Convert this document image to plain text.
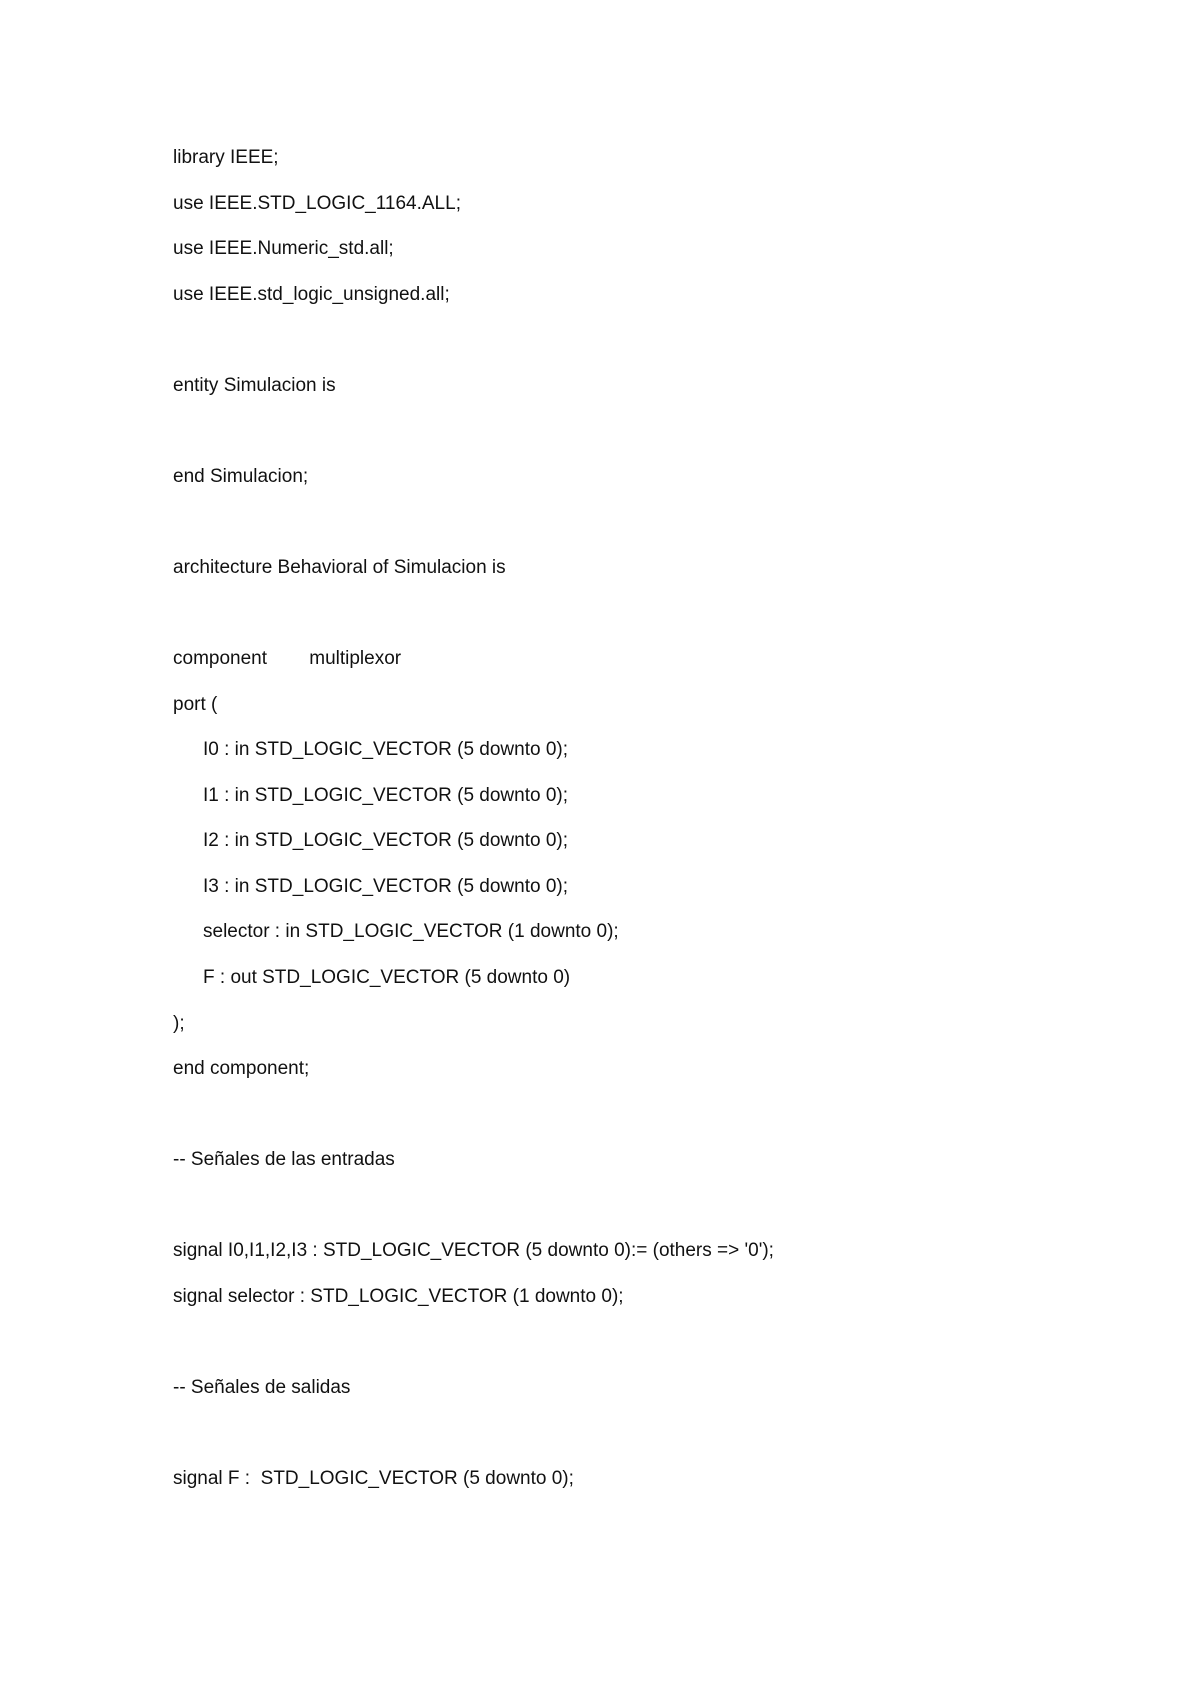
library IEEE;
use IEEE.STD_LOGIC_1164.ALL;
use IEEE.Numeric_std.all;
use IEEE.std_logic_unsigned.all;
entity Simulacion is
end Simulacion;
architecture Behavioral of Simulacion is
component        multiplexor
port (
I0 : in STD_LOGIC_VECTOR (5 downto 0);
I1 : in STD_LOGIC_VECTOR (5 downto 0);
I2 : in STD_LOGIC_VECTOR (5 downto 0);
I3 : in STD_LOGIC_VECTOR (5 downto 0);
selector : in STD_LOGIC_VECTOR (1 downto 0);
F : out STD_LOGIC_VECTOR (5 downto 0)
);
end component;
-- Señales de las entradas
signal I0,I1,I2,I3 : STD_LOGIC_VECTOR (5 downto 0):= (others => '0');
signal selector : STD_LOGIC_VECTOR (1 downto 0);
-- Señales de salidas
signal F :  STD_LOGIC_VECTOR (5 downto 0);
